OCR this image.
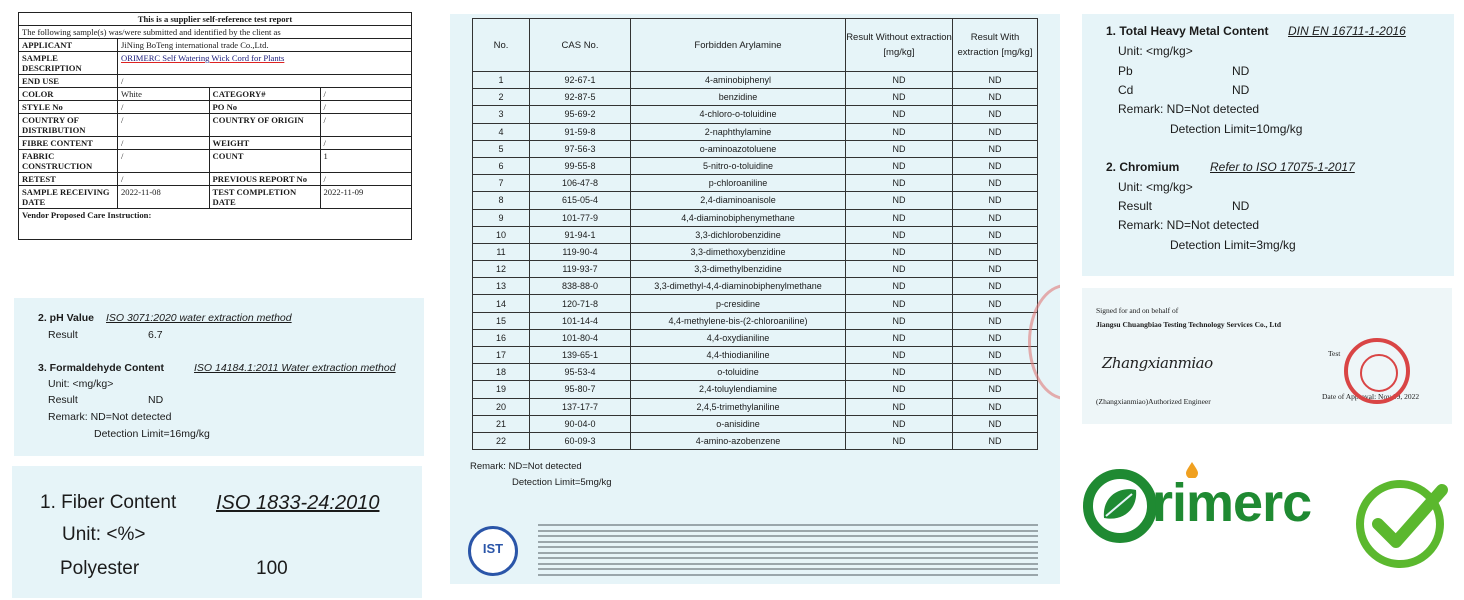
This is a supplier self-reference test report			
The following sample(s) was/were submitted and identified by the client as			
APPLICANT	JiNing BoTeng international trade Co.,Ltd.		
SAMPLE DESCRIPTION	ORIMERC Self Watering Wick Cord for Plants		
END USE	/		
COLOR	White	CATEGORY#	/
STYLE No	/	PO No	/
COUNTRY OF DISTRIBUTION	/	COUNTRY OF ORIGIN	/
FIBRE CONTENT	/	WEIGHT	/
FABRIC CONSTRUCTION	/	COUNT	1
RETEST	/	PREVIOUS REPORT No	/
SAMPLE RECEIVING DATE	2022-11-08	TEST COMPLETION DATE	2022-11-09
Vendor Proposed Care Instruction:			
2. pH Value ISO 3071:2020 water extraction method
Result	6.7
3. Formaldehyde Content	ISO 14184.1:2011 Water extraction method
Unit: <mg/kg>
Result	ND
Remark: ND=Not detected
Detection Limit=16mg/kg
1. Fiber Content ISO 1833-24:2010
Unit: <%>
Polyester	100
No.	CAS No.	Forbidden Arylamine	Result Without extraction [mg/kg]	Result With extraction [mg/kg]
1	92-67-1	4-aminobiphenyl	ND	ND
2	92-87-5	benzidine	ND	ND
3	95-69-2	4-chloro-o-toluidine	ND	ND
4	91-59-8	2-naphthylamine	ND	ND
5	97-56-3	o-aminoazotoluene	ND	ND
6	99-55-8	5-nitro-o-toluidine	ND	ND
7	106-47-8	p-chloroaniline	ND	ND
8	615-05-4	2,4-diaminoanisole	ND	ND
9	101-77-9	4,4-diaminobiphenymethane	ND	ND
10	91-94-1	3,3-dichlorobenzidine	ND	ND
11	119-90-4	3,3-dimethoxybenzidine	ND	ND
12	119-93-7	3,3-dimethylbenzidine	ND	ND
13	838-88-0	3,3-dimethyl-4,4-diaminobiphenylmethane	ND	ND
14	120-71-8	p-cresidine	ND	ND
15	101-14-4	4,4-methylene-bis-(2-chloroaniline)	ND	ND
16	101-80-4	4,4-oxydianiline	ND	ND
17	139-65-1	4,4-thiodianiline	ND	ND
18	95-53-4	o-toluidine	ND	ND
19	95-80-7	2,4-toluylendiamine	ND	ND
20	137-17-7	2,4,5-trimethylaniline	ND	ND
21	90-04-0	o-anisidine	ND	ND
22	60-09-3	4-amino-azobenzene	ND	ND
Remark: ND=Not detected
Detection Limit=5mg/kg
IST
1. Total Heavy Metal Content DIN EN 16711-1-2016
Unit: <mg/kg>
Pb	ND
Cd	ND
Remark: ND=Not detected
Detection Limit=10mg/kg
2. Chromium	Refer to ISO 17075-1-2017
Unit: <mg/kg>
Result	ND
Remark: ND=Not detected
Detection Limit=3mg/kg
Signed for and on behalf of
Jiangsu Chuangbiao Testing Technology Services Co., Ltd
Zhangxianmiao
(Zhangxianmiao)Authorized Engineer
Test
Date of Approval: Nov 09, 2022
rimerc
